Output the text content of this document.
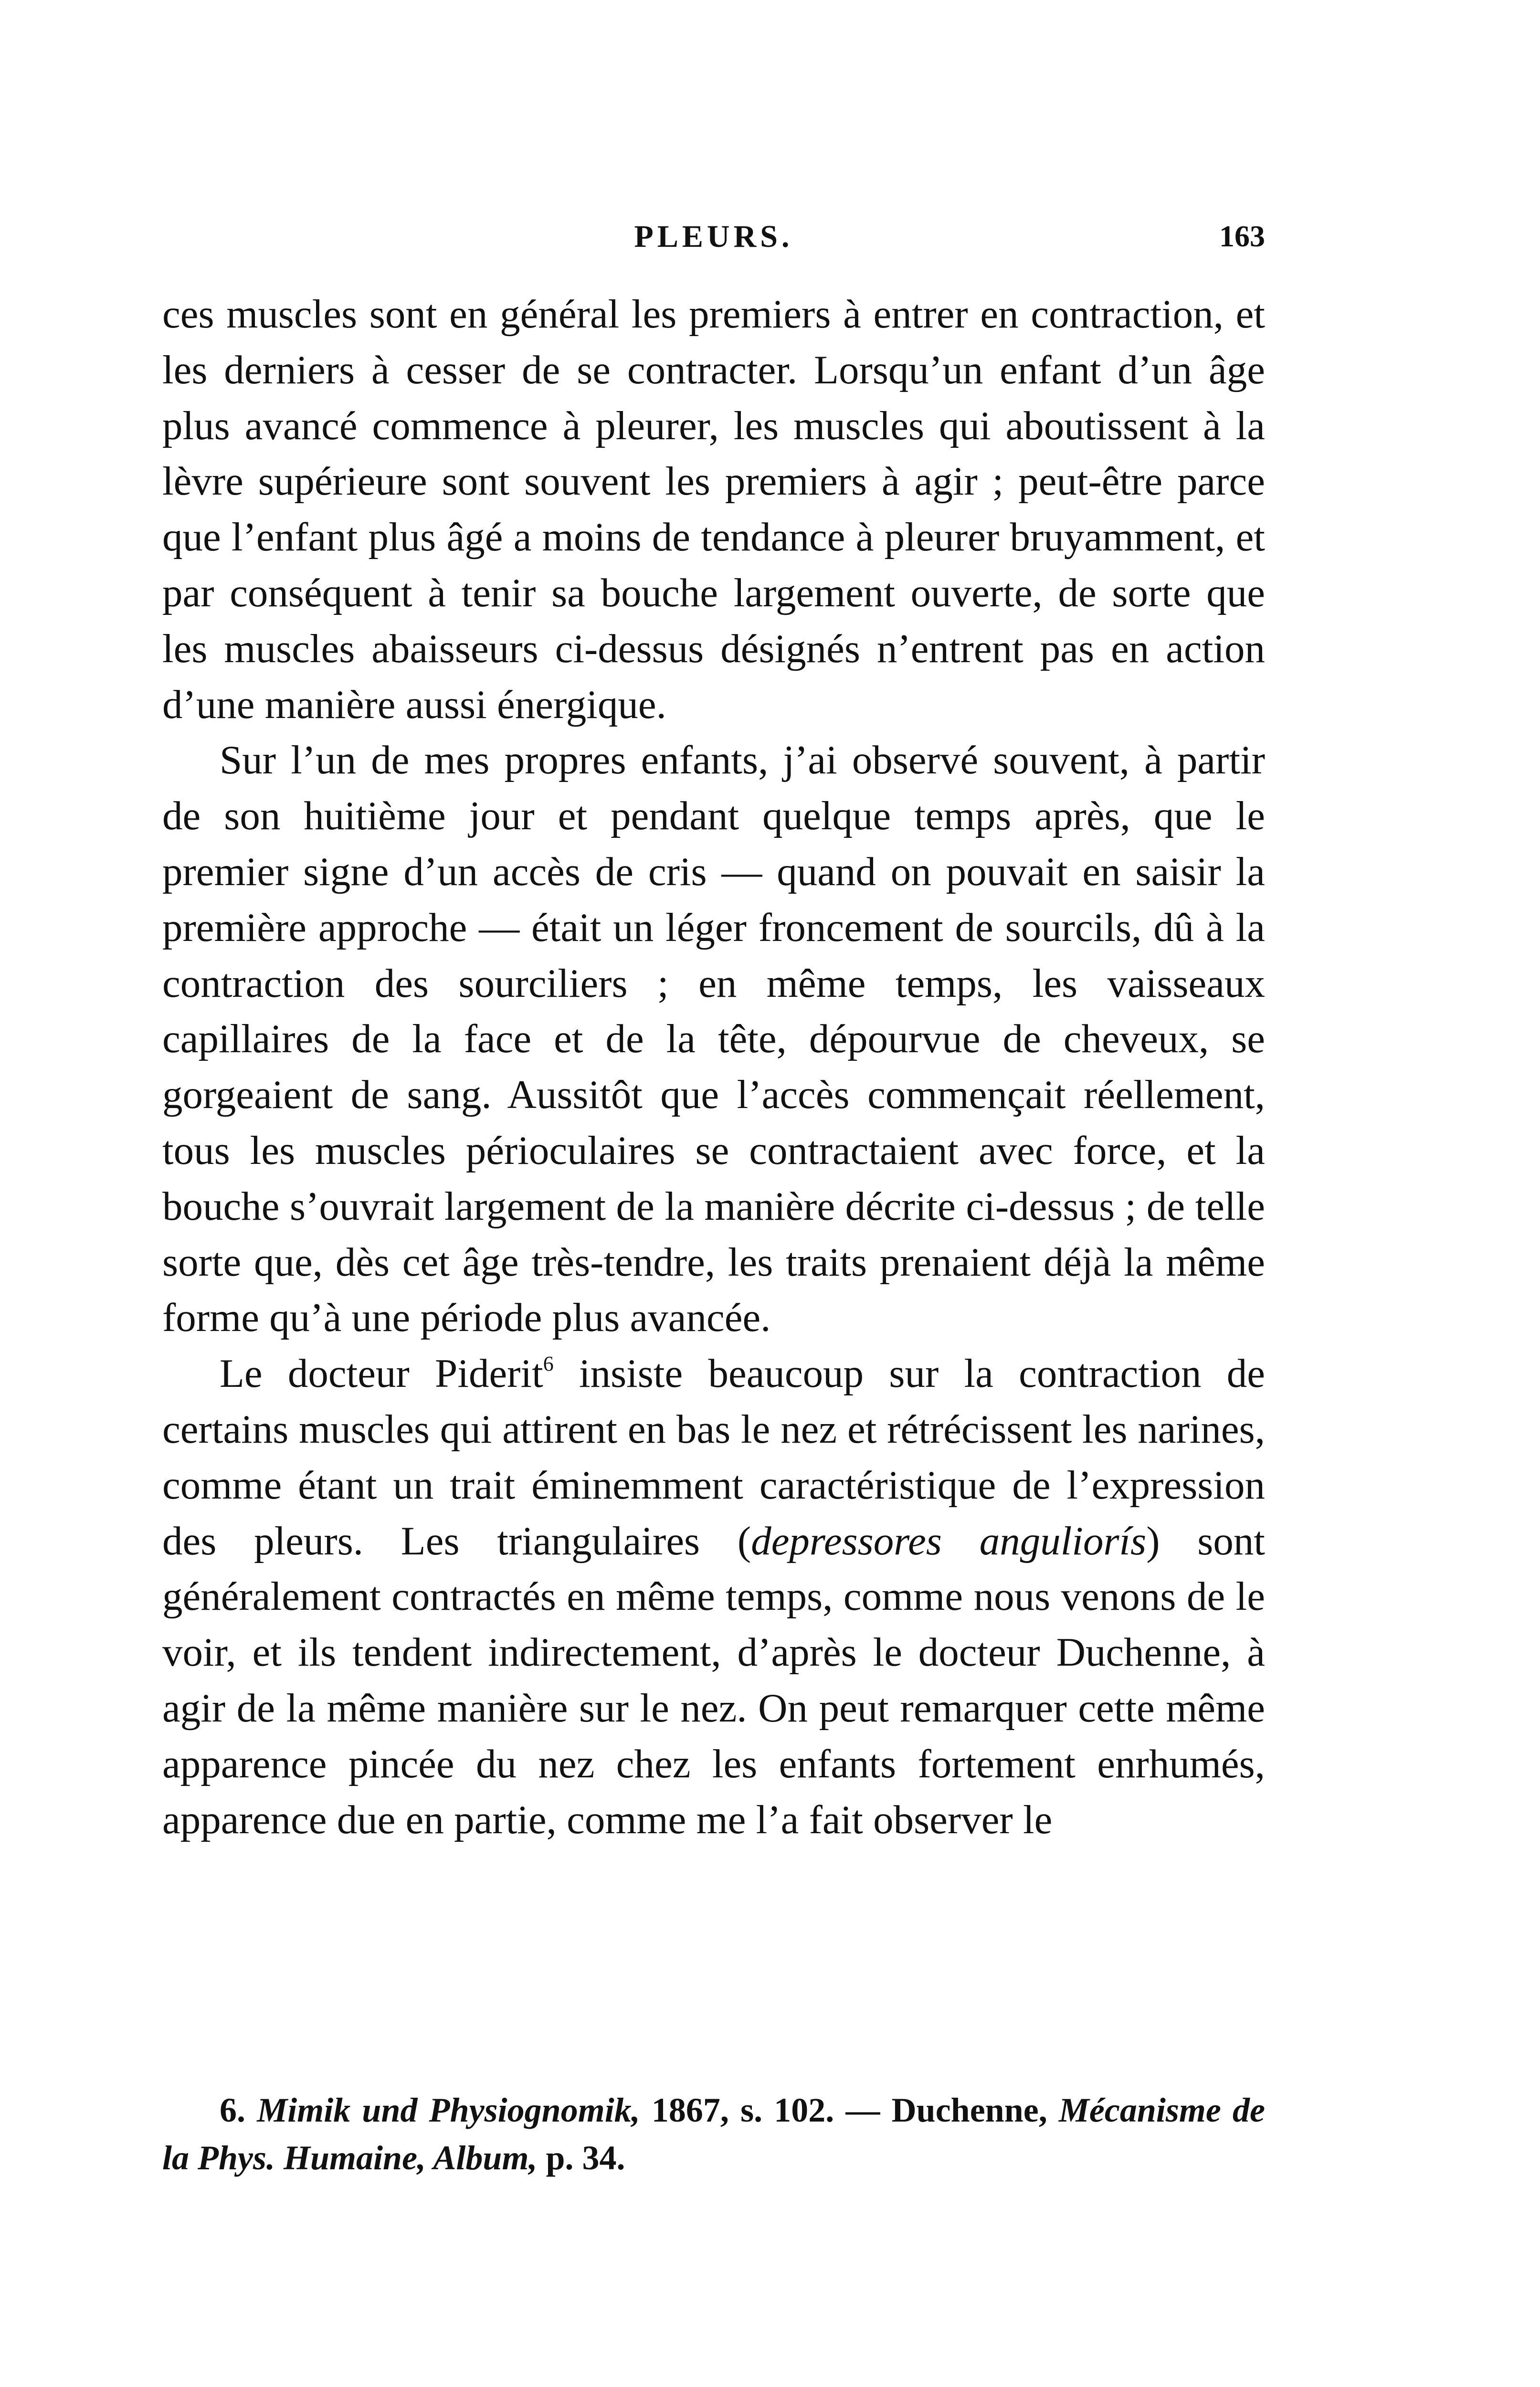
PLEURS.	163

ces muscles sont en général les premiers à entrer en contraction, et les derniers à cesser de se contracter. Lorsqu’un enfant d’un âge plus avancé commence à pleurer, les muscles qui aboutissent à la lèvre supérieure sont souvent les premiers à agir ; peut-être parce que l’enfant plus âgé a moins de tendance à pleurer bruyamment, et par conséquent à tenir sa bouche largement ouverte, de sorte que les muscles abaisseurs ci-dessus désignés n’entrent pas en action d’une manière aussi énergique.

Sur l’un de mes propres enfants, j’ai observé souvent, à partir de son huitième jour et pendant quelque temps après, que le premier signe d’un accès de cris — quand on pouvait en saisir la première approche — était un léger froncement de sourcils, dû à la contraction des sourciliers ; en même temps, les vaisseaux capillaires de la face et de la tête, dépourvue de cheveux, se gorgeaient de sang. Aussitôt que l’accès commençait réellement, tous les muscles périoculaires se contractaient avec force, et la bouche s’ouvrait largement de la manière décrite ci-dessus ; de telle sorte que, dès cet âge très-tendre, les traits prenaient déjà la même forme qu’à une période plus avancée.

Le docteur Piderit$^6$ insiste beaucoup sur la contraction de certains muscles qui attirent en bas le nez et rétrécissent les narines, comme étant un trait éminemment caractéristique de l’expression des pleurs. Les triangulaires (depressores anguliorís) sont généralement contractés en même temps, comme nous venons de le voir, et ils tendent indirectement, d’après le docteur Duchenne, à agir de la même manière sur le nez. On peut remarquer cette même apparence pincée du nez chez les enfants fortement enrhumés, apparence due en partie, comme me l’a fait observer le

6. Mimik und Physiognomik, 1867, s. 102. — Duchenne, Mécanisme de la Phys. Humaine, Album, p. 34.
